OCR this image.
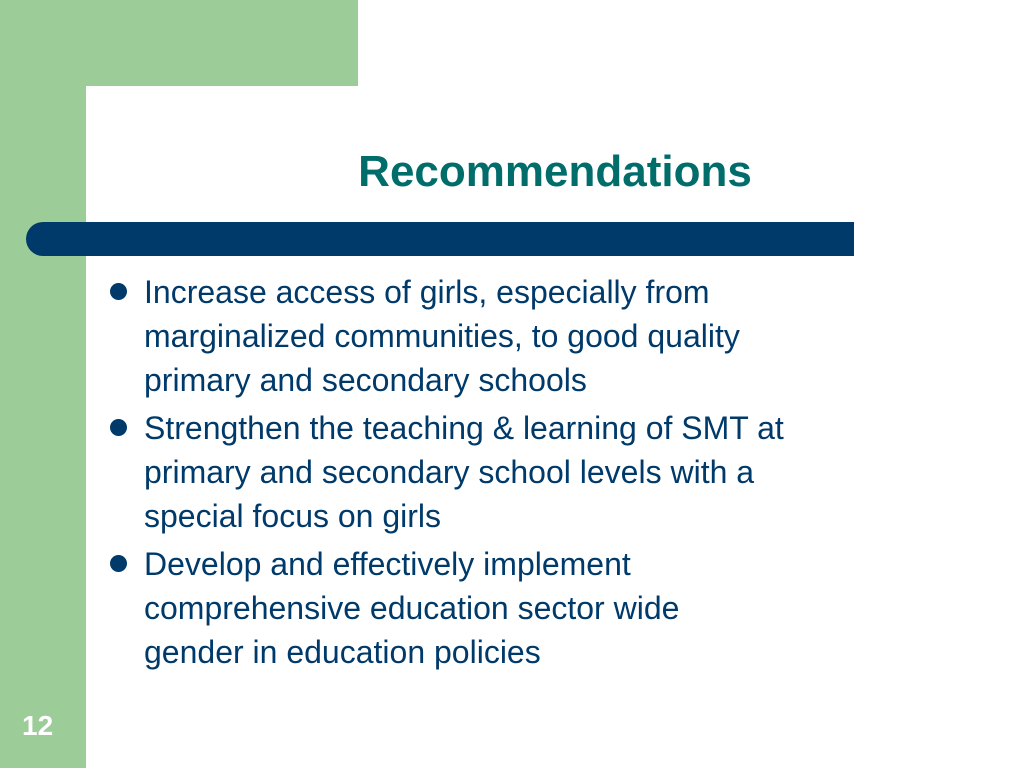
Recommendations
Increase access of girls, especially from
marginalized communities, to good quality
primary and secondary schools
Strengthen the teaching & learning of SMT at
primary and secondary school levels with a
special focus on girls
Develop and effectively implement
comprehensive education sector wide
gender in education policies
12
